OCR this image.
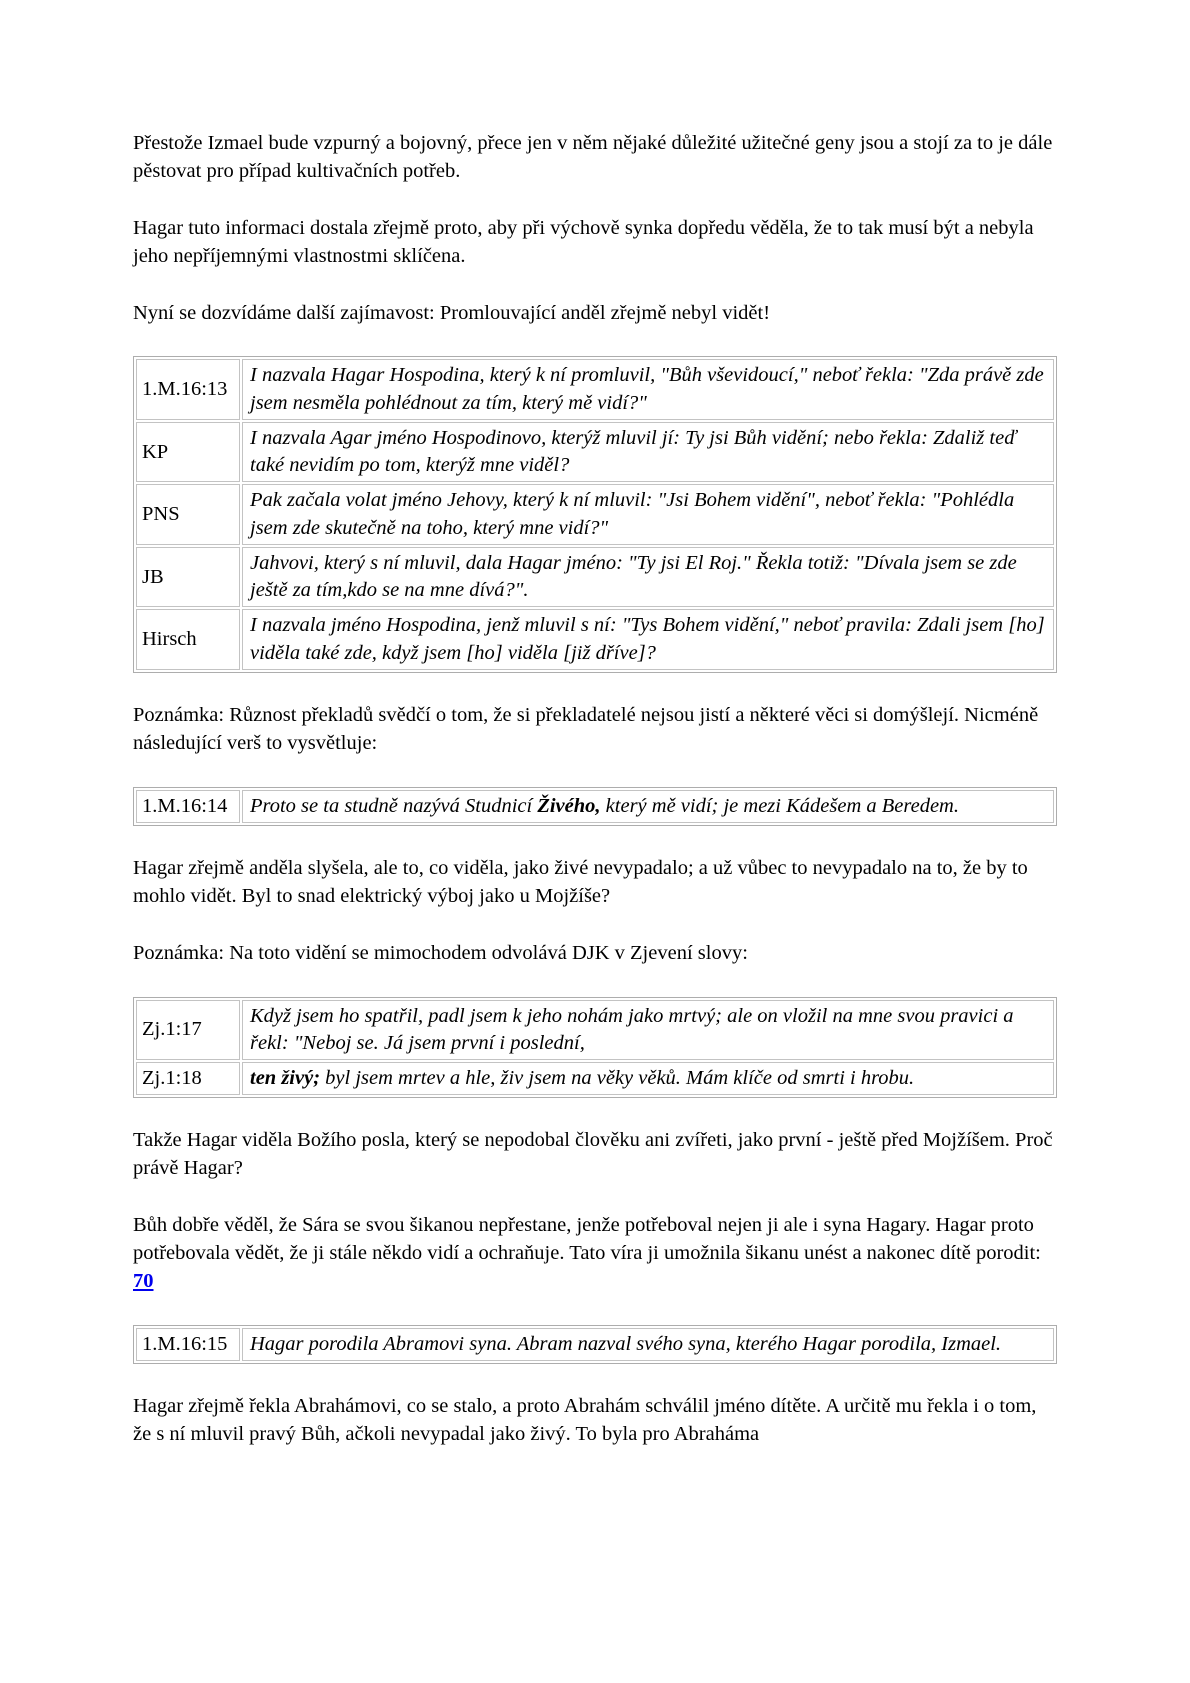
Přestože Izmael bude vzpurný a bojovný, přece jen v něm nějaké důležité užitečné geny jsou a stojí za to je dále pěstovat pro případ kultivačních potřeb.

Hagar tuto informaci dostala zřejmě proto, aby při výchově synka dopředu věděla, že to tak musí být a nebyla jeho nepříjemnými vlastnostmi sklíčena.

Nyní se dozvídáme další zajímavost: Promlouvající anděl zřejmě nebyl vidět!

1.M.16:13	I nazvala Hagar Hospodina, který k ní promluvil, "Bůh vševidoucí," neboť řekla: "Zda právě zde jsem nesměla pohlédnout za tím, který mě vidí?"
KP	I nazvala Agar jméno Hospodinovo, kterýž mluvil jí: Ty jsi Bůh vidění; nebo řekla: Zdaliž teď také nevidím po tom, kterýž mne viděl?
PNS	Pak začala volat jméno Jehovy, který k ní mluvil: "Jsi Bohem vidění", neboť řekla: "Pohlédla jsem zde skutečně na toho, který mne vidí?"
JB	Jahvovi, který s ní mluvil, dala Hagar jméno: "Ty jsi El Roj." Řekla totiž: "Dívala jsem se zde ještě za tím,kdo se na mne dívá?".
Hirsch	I nazvala jméno Hospodina, jenž mluvil s ní: "Tys Bohem vidění," neboť pravila: Zdali jsem [ho] viděla také zde, když jsem [ho] viděla [již dříve]?

Poznámka: Různost překladů svědčí o tom, že si překladatelé nejsou jistí a některé věci si domýšlejí. Nicméně následující verš to vysvětluje:

1.M.16:14	Proto se ta studně nazývá Studnicí Živého, který mě vidí; je mezi Kádešem a Beredem.

Hagar zřejmě anděla slyšela, ale to, co viděla, jako živé nevypadalo; a už vůbec to nevypadalo na to, že by to mohlo vidět. Byl to snad elektrický výboj jako u Mojžíše?

Poznámka: Na toto vidění se mimochodem odvolává DJK v Zjevení slovy:

Zj.1:17	Když jsem ho spatřil, padl jsem k jeho nohám jako mrtvý; ale on vložil na mne svou pravici a řekl: "Neboj se. Já jsem první i poslední,
Zj.1:18	ten živý; byl jsem mrtev a hle, živ jsem na věky věků. Mám klíče od smrti i hrobu.

Takže Hagar viděla Božího posla, který se nepodobal člověku ani zvířeti, jako první - ještě před Mojžíšem. Proč právě Hagar?

Bůh dobře věděl, že Sára se svou šikanou nepřestane, jenže potřeboval nejen ji ale i syna Hagary. Hagar proto potřebovala vědět, že ji stále někdo vidí a ochraňuje. Tato víra ji umožnila šikanu unést a nakonec dítě porodit: 70

1.M.16:15	Hagar porodila Abramovi syna. Abram nazval svého syna, kterého Hagar porodila, Izmael.

Hagar zřejmě řekla Abrahámovi, co se stalo, a proto Abrahám schválil jméno dítěte. A určitě mu řekla i o tom, že s ní mluvil pravý Bůh, ačkoli nevypadal jako živý. To byla pro Abraháma
